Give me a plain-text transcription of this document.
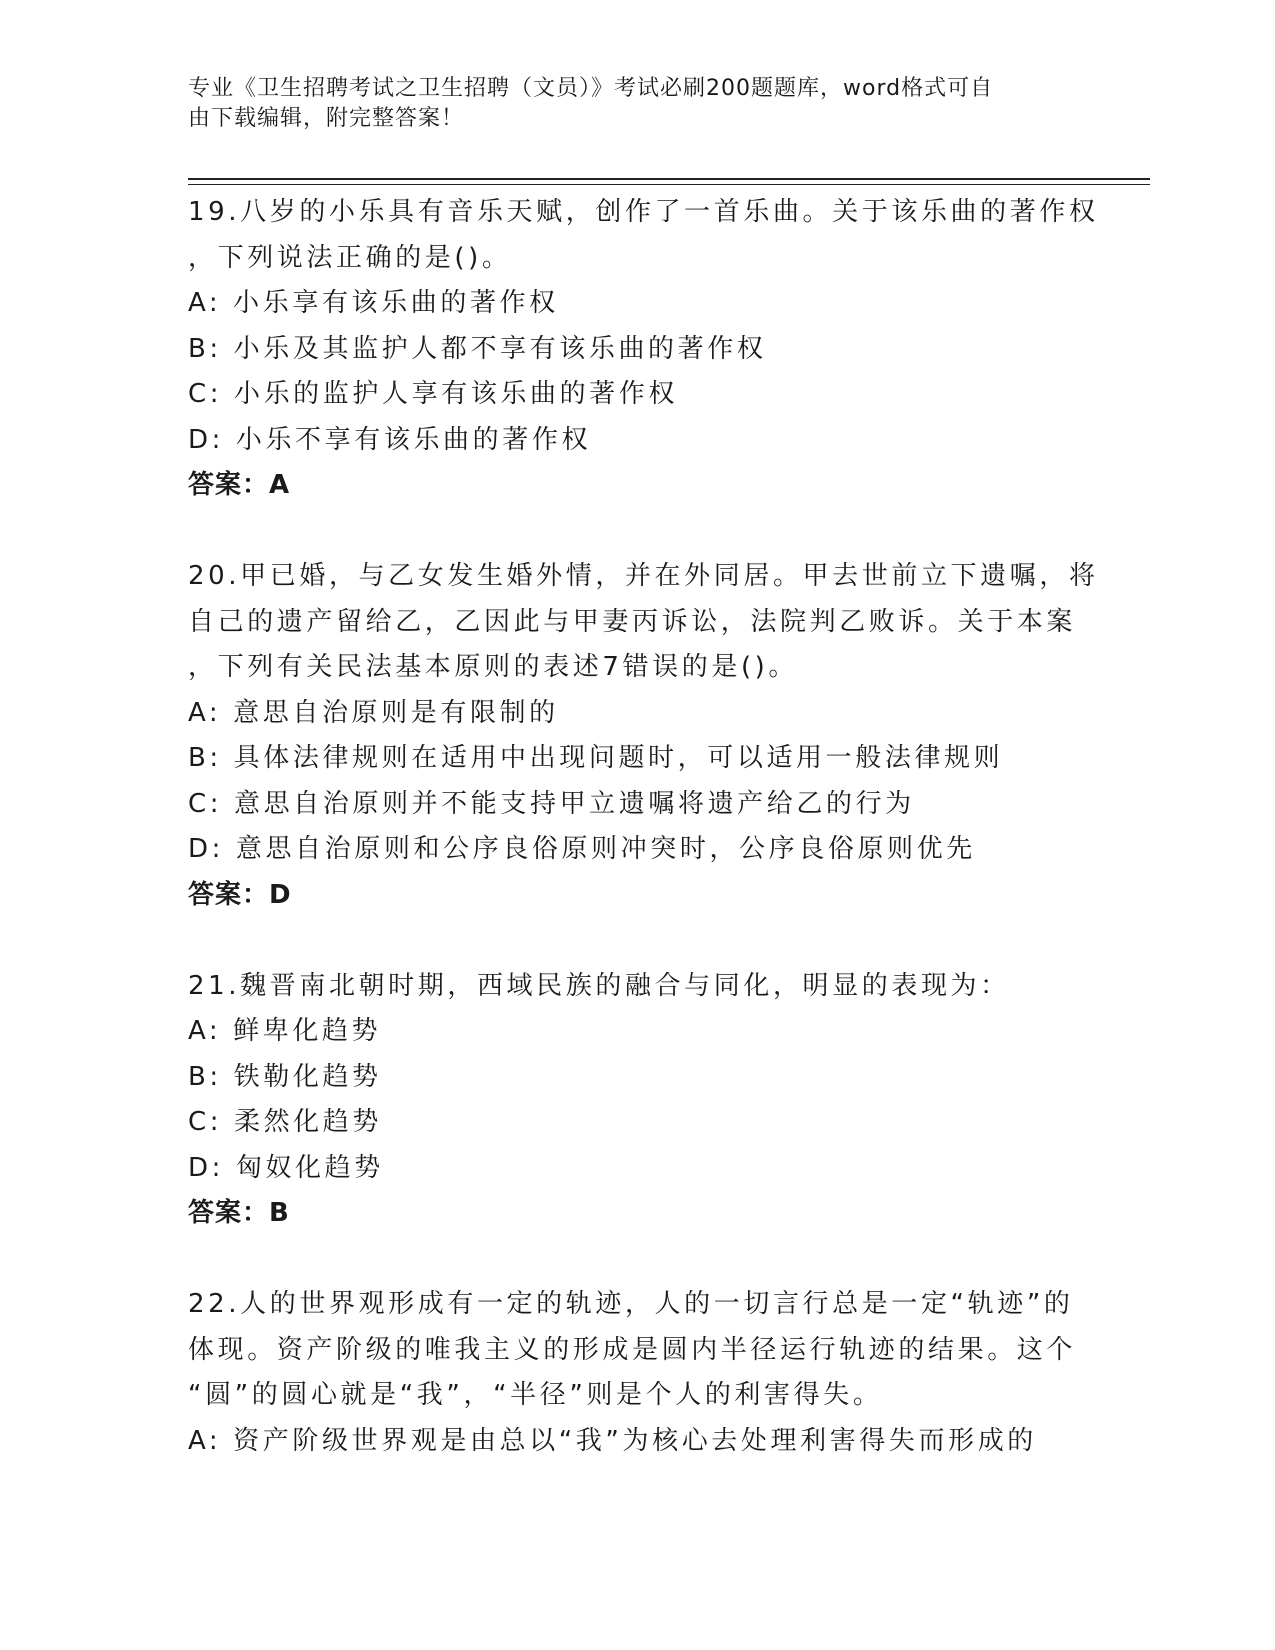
专业《卫生招聘考试之卫生招聘（文员）》考试必刷200题题库，word格式可自
由下载编辑，附完整答案！
19.八岁的小乐具有音乐天赋，创作了一首乐曲。关于该乐曲的著作权
，下列说法正确的是()。
A: 小乐享有该乐曲的著作权
B: 小乐及其监护人都不享有该乐曲的著作权
C: 小乐的监护人享有该乐曲的著作权
D: 小乐不享有该乐曲的著作权
答案：A
20.甲已婚，与乙女发生婚外情，并在外同居。甲去世前立下遗嘱，将
自己的遗产留给乙，乙因此与甲妻丙诉讼，法院判乙败诉。关于本案
，下列有关民法基本原则的表述7错误的是()。
A: 意思自治原则是有限制的
B: 具体法律规则在适用中出现问题时，可以适用一般法律规则
C: 意思自治原则并不能支持甲立遗嘱将遗产给乙的行为
D: 意思自治原则和公序良俗原则冲突时，公序良俗原则优先
答案：D
21.魏晋南北朝时期，西域民族的融合与同化，明显的表现为：
A: 鲜卑化趋势
B: 铁勒化趋势
C: 柔然化趋势
D: 匈奴化趋势
答案：B
22.人的世界观形成有一定的轨迹，人的一切言行总是一定“轨迹”的
体现。资产阶级的唯我主义的形成是圆内半径运行轨迹的结果。这个
“圆”的圆心就是“我”，“半径”则是个人的利害得失。
A: 资产阶级世界观是由总以“我”为核心去处理利害得失而形成的
